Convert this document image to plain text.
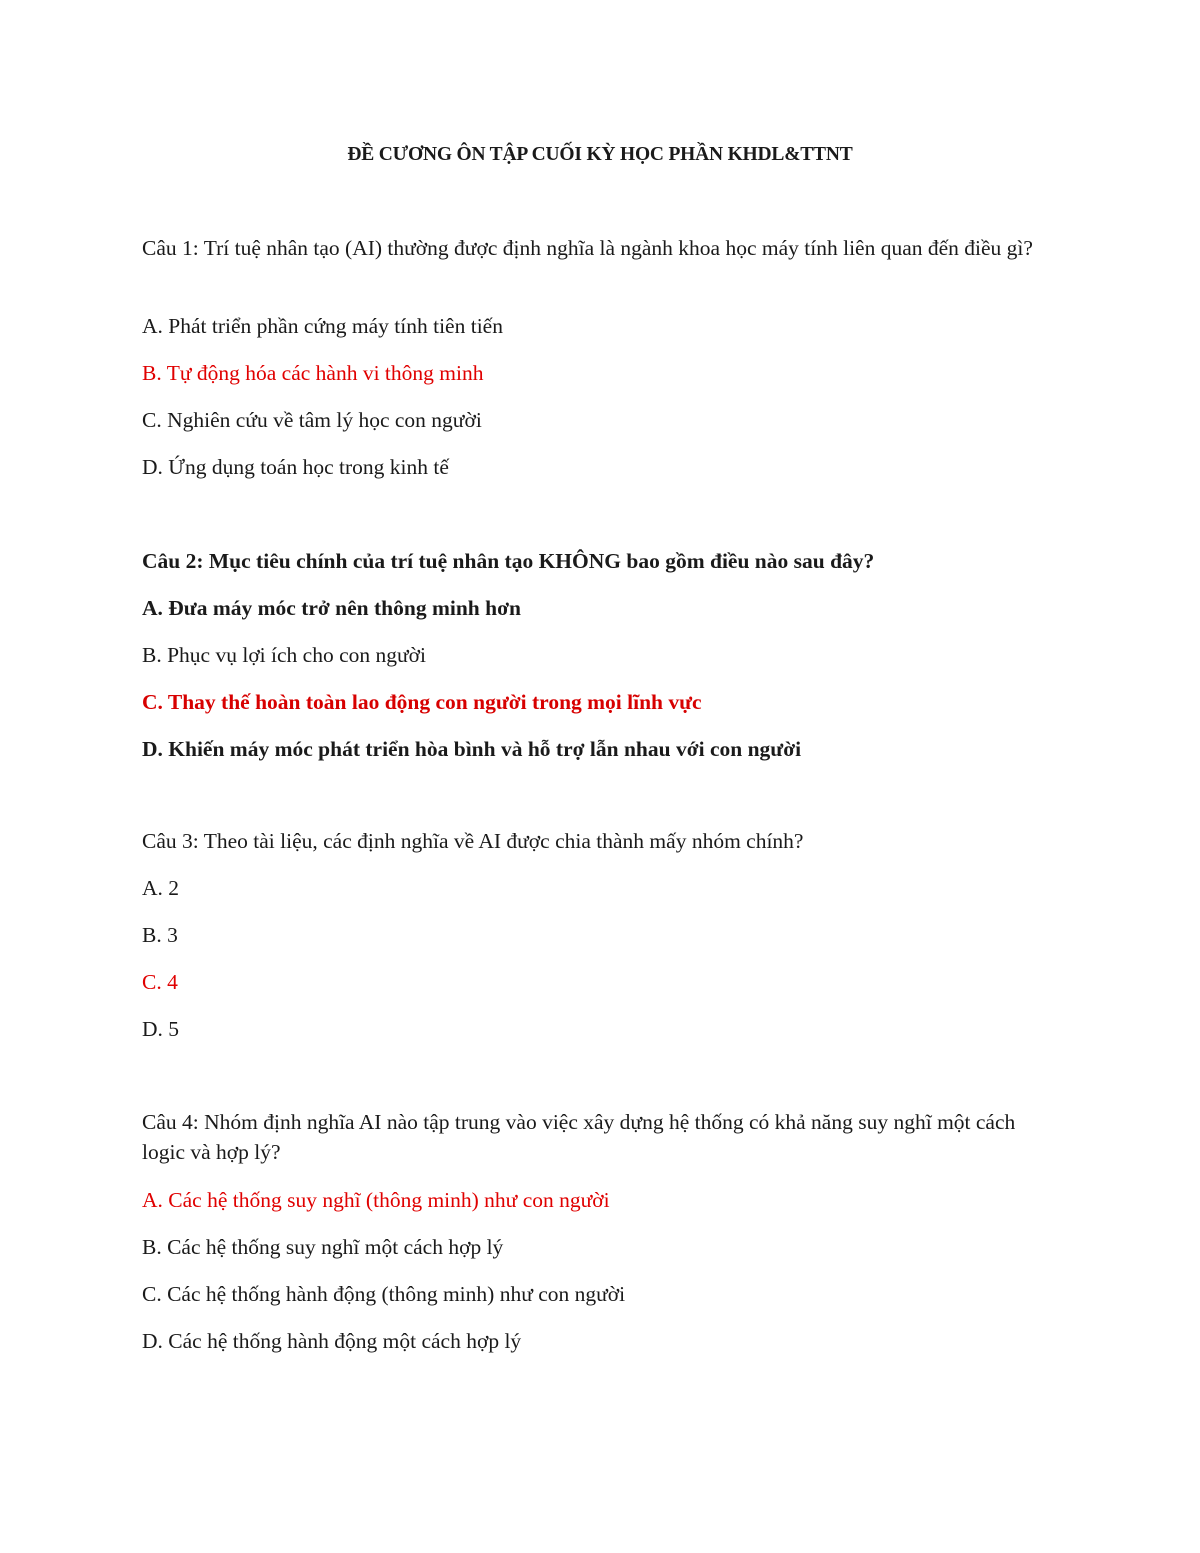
ĐỀ CƯƠNG ÔN TẬP CUỐI KỲ HỌC PHẦN KHDL&TTNT

Câu 1: Trí tuệ nhân tạo (AI) thường được định nghĩa là ngành khoa học máy tính liên quan đến điều gì?

A. Phát triển phần cứng máy tính tiên tiến

B. Tự động hóa các hành vi thông minh

C. Nghiên cứu về tâm lý học con người

D. Ứng dụng toán học trong kinh tế

Câu 2: Mục tiêu chính của trí tuệ nhân tạo KHÔNG bao gồm điều nào sau đây?

A. Đưa máy móc trở nên thông minh hơn

B. Phục vụ lợi ích cho con người

C. Thay thế hoàn toàn lao động con người trong mọi lĩnh vực

D. Khiến máy móc phát triển hòa bình và hỗ trợ lẫn nhau với con người

Câu 3: Theo tài liệu, các định nghĩa về AI được chia thành mấy nhóm chính?

A. 2

B. 3

C. 4

D. 5

Câu 4: Nhóm định nghĩa AI nào tập trung vào việc xây dựng hệ thống có khả năng suy nghĩ một cách logic và hợp lý?

A. Các hệ thống suy nghĩ (thông minh) như con người

B. Các hệ thống suy nghĩ một cách hợp lý

C. Các hệ thống hành động (thông minh) như con người

D. Các hệ thống hành động một cách hợp lý
